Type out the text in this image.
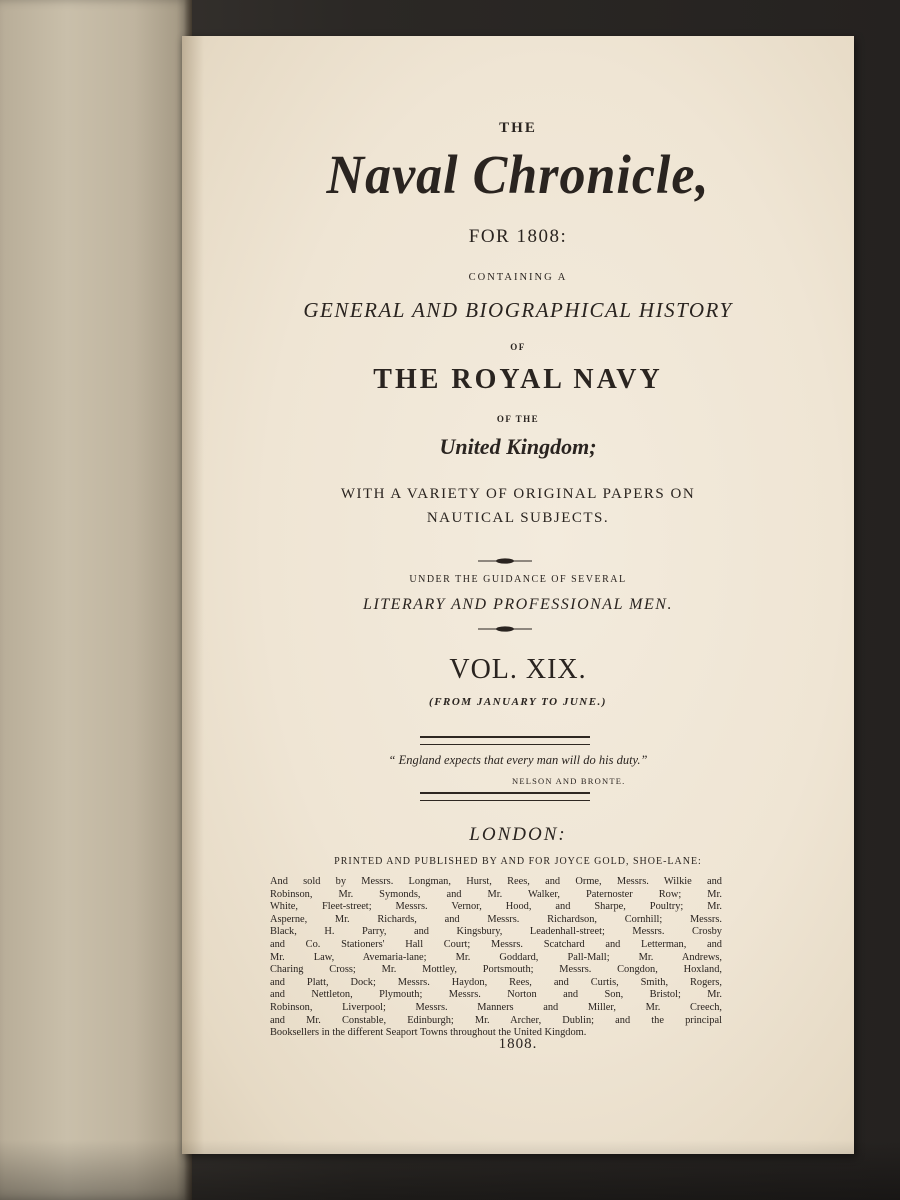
THE
Naval Chronicle,
FOR 1808:
CONTAINING A
GENERAL AND BIOGRAPHICAL HISTORY
OF
THE ROYAL NAVY
OF THE
United Kingdom;
WITH A VARIETY OF ORIGINAL PAPERS ON
NAUTICAL SUBJECTS.
UNDER THE GUIDANCE OF SEVERAL
LITERARY AND PROFESSIONAL MEN.
VOL. XIX.
(FROM JANUARY TO JUNE.)
“ England expects that every man will do his duty.”
NELSON AND BRONTE.
LONDON:
PRINTED AND PUBLISHED BY AND FOR JOYCE GOLD, SHOE-LANE:
And sold by Messrs. Longman, Hurst, Rees, and Orme, Messrs. Wilkie and
Robinson, Mr. Symonds, and Mr. Walker, Paternoster Row; Mr.
White, Fleet-street; Messrs. Vernor, Hood, and Sharpe, Poultry; Mr.
Asperne, Mr. Richards, and Messrs. Richardson, Cornhill; Messrs.
Black, H. Parry, and Kingsbury, Leadenhall-street; Messrs. Crosby
and Co. Stationers' Hall Court; Messrs. Scatchard and Letterman, and
Mr. Law, Avemaria-lane; Mr. Goddard, Pall-Mall; Mr. Andrews,
Charing Cross; Mr. Mottley, Portsmouth; Messrs. Congdon, Hoxland,
and Platt, Dock; Messrs. Haydon, Rees, and Curtis, Smith, Rogers,
and Nettleton, Plymouth; Messrs. Norton and Son, Bristol; Mr.
Robinson, Liverpool; Messrs. Manners and Miller, Mr. Creech,
and Mr. Constable, Edinburgh; Mr. Archer, Dublin; and the principal
Booksellers in the different Seaport Towns throughout the United Kingdom.
1808.
